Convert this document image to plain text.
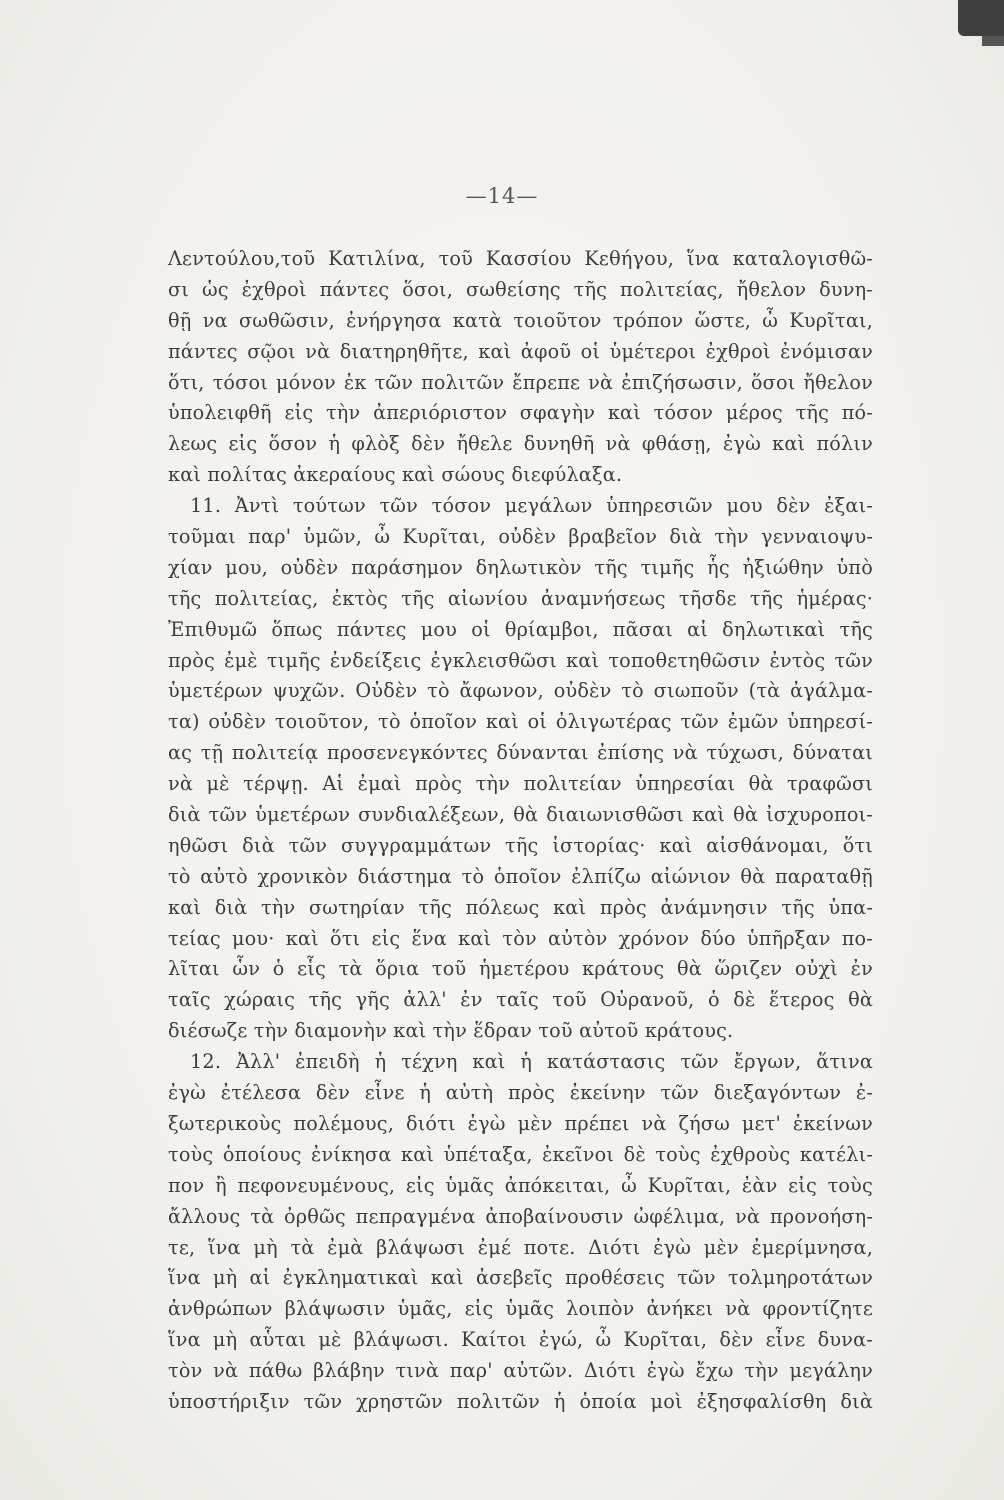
—14—
Λεντούλου,τοῦ Κατιλίνα, τοῦ Κασσίου Κεθήγου, ἵνα καταλογισθῶ-
σι ὡς ἐχθροὶ πάντες ὅσοι, σωθείσης τῆς πολιτείας, ἤθελον δυνη-
θῇ να σωθῶσιν, ἐνήργησα κατὰ τοιοῦτον τρόπον ὥστε, ὦ Κυρῖται,
πάντες σῷοι νὰ διατηρηθῆτε, καὶ ἀφοῦ οἱ ὑμέτεροι ἐχθροὶ ἐνόμισαν
ὅτι, τόσοι μόνον ἐκ τῶν πολιτῶν ἔπρεπε νὰ ἐπιζήσωσιν, ὅσοι ἤθελον
ὑπολειφθῆ εἰς τὴν ἀπεριόριστον σφαγὴν καὶ τόσον μέρος τῆς πό-
λεως εἰς ὅσον ἡ φλὸξ δὲν ἤθελε δυνηθῆ νὰ φθάσῃ, ἐγὼ καὶ πόλιν
καὶ πολίτας ἀκεραίους καὶ σώους διεφύλαξα.
11. Ἀντὶ τούτων τῶν τόσον μεγάλων ὑπηρεσιῶν μου δὲν ἐξαι-
τοῦμαι παρ' ὑμῶν, ὦ Κυρῖται, οὐδὲν βραβεῖον διὰ τὴν γενναιοψυ-
χίαν μου, οὐδὲν παράσημον δηλωτικὸν τῆς τιμῆς ἧς ἠξιώθην ὑπὸ
τῆς πολιτείας, ἐκτὸς τῆς αἰωνίου ἀναμνήσεως τῆσδε τῆς ἡμέρας·
Ἐπιθυμῶ ὅπως πάντες μου οἱ θρίαμβοι, πᾶσαι αἱ δηλωτικαὶ τῆς
πρὸς ἐμὲ τιμῆς ἐνδείξεις ἐγκλεισθῶσι καὶ τοποθετηθῶσιν ἐντὸς τῶν
ὑμετέρων ψυχῶν. Οὐδὲν τὸ ἄφωνον, οὐδὲν τὸ σιωποῦν (τὰ ἀγάλμα-
τα) οὐδὲν τοιοῦτον, τὸ ὁποῖον καὶ οἱ ὀλιγωτέρας τῶν ἐμῶν ὑπηρεσί-
ας τῇ πολιτείᾳ προσενεγκόντες δύνανται ἐπίσης νὰ τύχωσι, δύναται
νὰ μὲ τέρψῃ. Αἱ ἐμαὶ πρὸς τὴν πολιτείαν ὑπηρεσίαι θὰ τραφῶσι
διὰ τῶν ὑμετέρων συνδιαλέξεων, θὰ διαιωνισθῶσι καὶ θὰ ἰσχυροποι-
ηθῶσι διὰ τῶν συγγραμμάτων τῆς ἱστορίας· καὶ αἰσθάνομαι, ὅτι
τὸ αὐτὸ χρονικὸν διάστημα τὸ ὁποῖον ἐλπίζω αἰώνιον θὰ παραταθῇ
καὶ διὰ τὴν σωτηρίαν τῆς πόλεως καὶ πρὸς ἀνάμνησιν τῆς ὑπα-
τείας μου· καὶ ὅτι εἰς ἕνα καὶ τὸν αὐτὸν χρόνον δύο ὑπῆρξαν πο-
λῖται ὧν ὁ εἷς τὰ ὅρια τοῦ ἡμετέρου κράτους θὰ ὥριζεν οὐχὶ ἐν
ταῖς χώραις τῆς γῆς ἀλλ' ἐν ταῖς τοῦ Οὐρανοῦ, ὁ δὲ ἕτερος θὰ
διέσωζε τὴν διαμονὴν καὶ τὴν ἕδραν τοῦ αὐτοῦ κράτους.
12. Ἀλλ' ἐπειδὴ ἡ τέχνη καὶ ἡ κατάστασις τῶν ἔργων, ἅτινα
ἐγὼ ἐτέλεσα δὲν εἶνε ἡ αὐτὴ πρὸς ἐκείνην τῶν διεξαγόντων ἐ-
ξωτερικοὺς πολέμους, διότι ἐγὼ μὲν πρέπει νὰ ζήσω μετ' ἐκείνων
τοὺς ὁποίους ἐνίκησα καὶ ὑπέταξα, ἐκεῖνοι δὲ τοὺς ἐχθροὺς κατέλι-
πον ἢ πεφονευμένους, εἰς ὑμᾶς ἀπόκειται, ὦ Κυρῖται, ἐὰν εἰς τοὺς
ἄλλους τὰ ὀρθῶς πεπραγμένα ἀποβαίνουσιν ὠφέλιμα, νὰ προνοήση-
τε, ἵνα μὴ τὰ ἐμὰ βλάψωσι ἐμέ ποτε. Διότι ἐγὼ μὲν ἐμερίμνησα,
ἵνα μὴ αἱ ἐγκληματικαὶ καὶ ἀσεβεῖς προθέσεις τῶν τολμηροτάτων
ἀνθρώπων βλάψωσιν ὑμᾶς, εἰς ὑμᾶς λοιπὸν ἀνήκει νὰ φροντίζητε
ἵνα μὴ αὗται μὲ βλάψωσι. Καίτοι ἐγώ, ὦ Κυρῖται, δὲν εἶνε δυνα-
τὸν νὰ πάθω βλάβην τινὰ παρ' αὐτῶν. Διότι ἐγὼ ἔχω τὴν μεγάλην
ὑποστήριξιν τῶν χρηστῶν πολιτῶν ἡ ὁποία μοὶ ἐξησφαλίσθη διὰ
